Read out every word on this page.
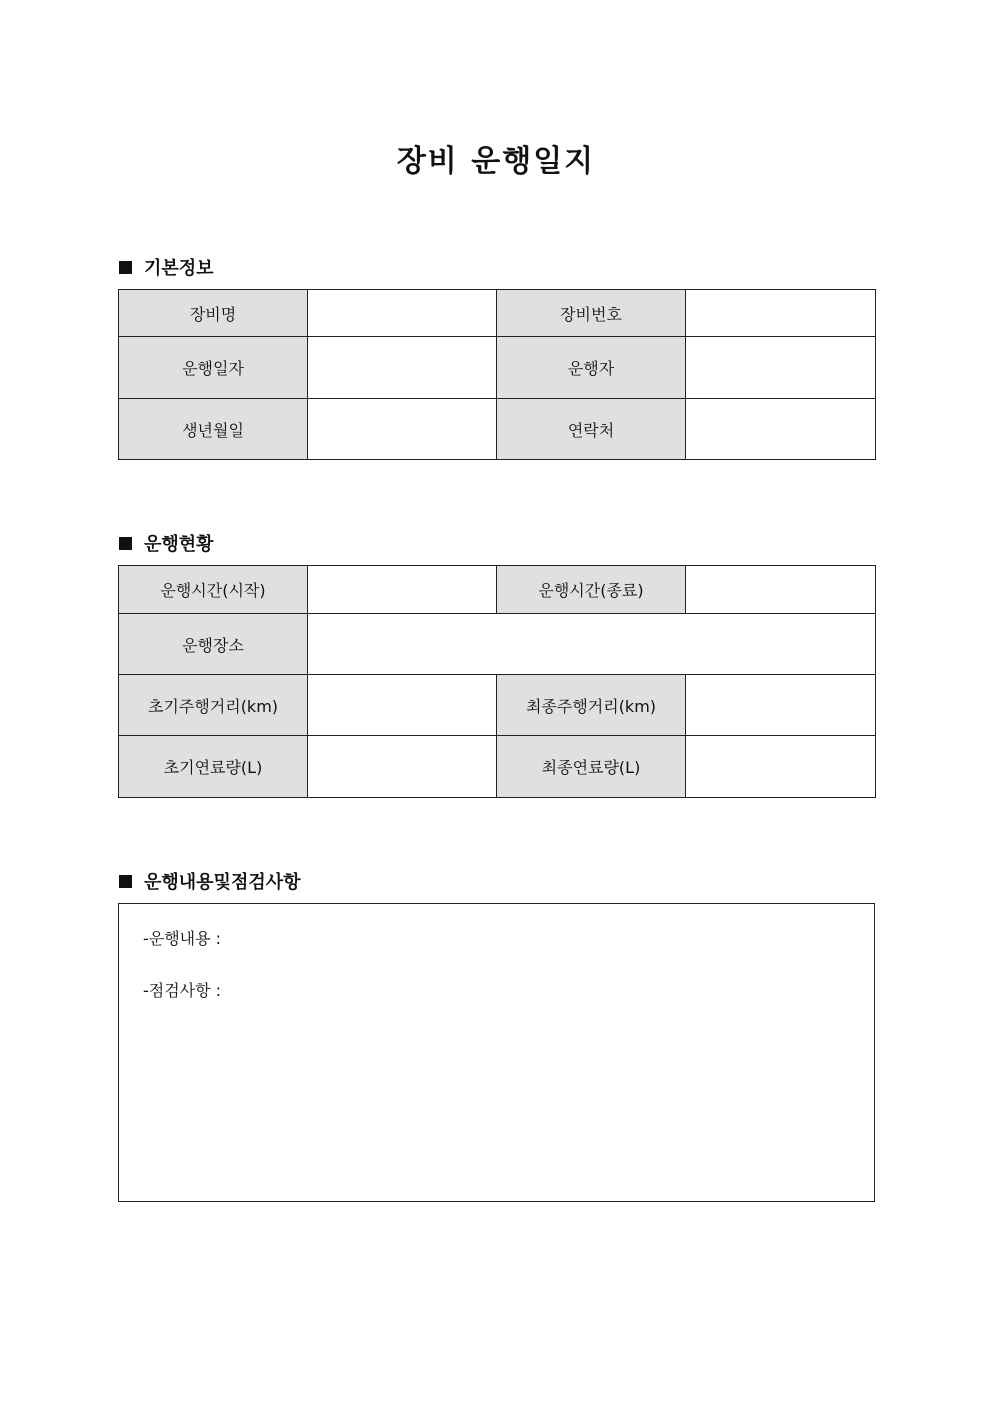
장비 운행일지
기본정보
장비명		장비번호	
운행일자		운행자	
생년월일		연락처	
운행현황
운행시간(시작)		운행시간(종료)	
운행장소			
초기주행거리(km)		최종주행거리(km)	
초기연료량(L)		최종연료량(L)	
운행내용및점검사항
-운행내용 :
-점검사항 :
